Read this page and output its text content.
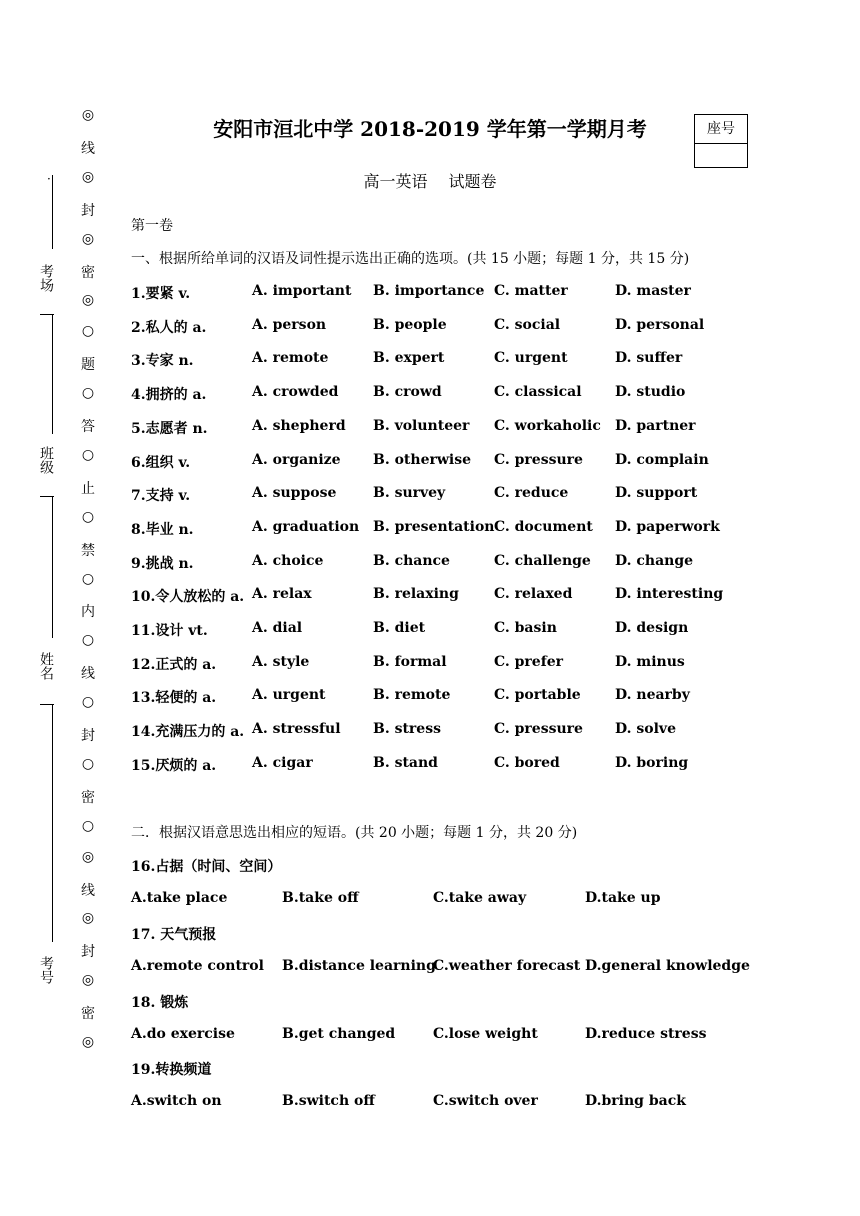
安阳市洹北中学 2018-2019 学年第一学期月考	座号
高一英语　 试题卷
·
考场
班级
姓名
考号
◎
线
◎
封
◎
密
◎
○
题
○
答
○
止
○
禁
○
内
○
线
○
封
○
密
○
◎
线
◎
封
◎
密
◎
第一卷
一、根据所给单词的汉语及词性提示选出正确的选项。(共 15 小题；每题 1 分，共 15 分)
1.要紧 v.	A. important B. importance C. matter	D. master
2.私人的 a.	A. person	B. people	C. social	D. personal
3.专家 n.	A. remote	B. expert	C. urgent	D. suffer
4.拥挤的 a.	A. crowded B. crowd	C. classical D. studio
5.志愿者 n.	A. shepherd B. volunteer C. workaholic D. partner
6.组织 v.	A. organize B. otherwise C. pressure D. complain
7.支持 v.	A. suppose	B. survey	C. reduce	D. support
8.毕业 n.	A. graduation B. presentation C. document D. paperwork
9.挑战 n.	A. choice	B. chance	C. challenge D. change
10.令人放松的 a. A. relax	B. relaxing	C. relaxed	D. interesting
11.设计 vt.	A. dial	B. diet	C. basin	D. design
12.正式的 a.	A. style	B. formal	C. prefer	D. minus
13.轻便的 a.	A. urgent	B. remote	C. portable D. nearby
14.充满压力的 a. A. stressful B. stress	C. pressure D. solve
15.厌烦的 a.	A. cigar	B. stand	C. bored	D. boring
二．根据汉语意思选出相应的短语。(共 20 小题；每题 1 分，共 20 分)
16.占据（时间、空间）
A.take place	B.take off	C.take away	D.take up
17. 天气预报
A.remote control B.distance learning
C.weather forecast D.general knowledge
18. 锻炼
A.do exercise	B.get changed	C.lose weight	D.reduce stress
19.转换频道
A.switch on	B.switch off	C.switch over	D.bring back
